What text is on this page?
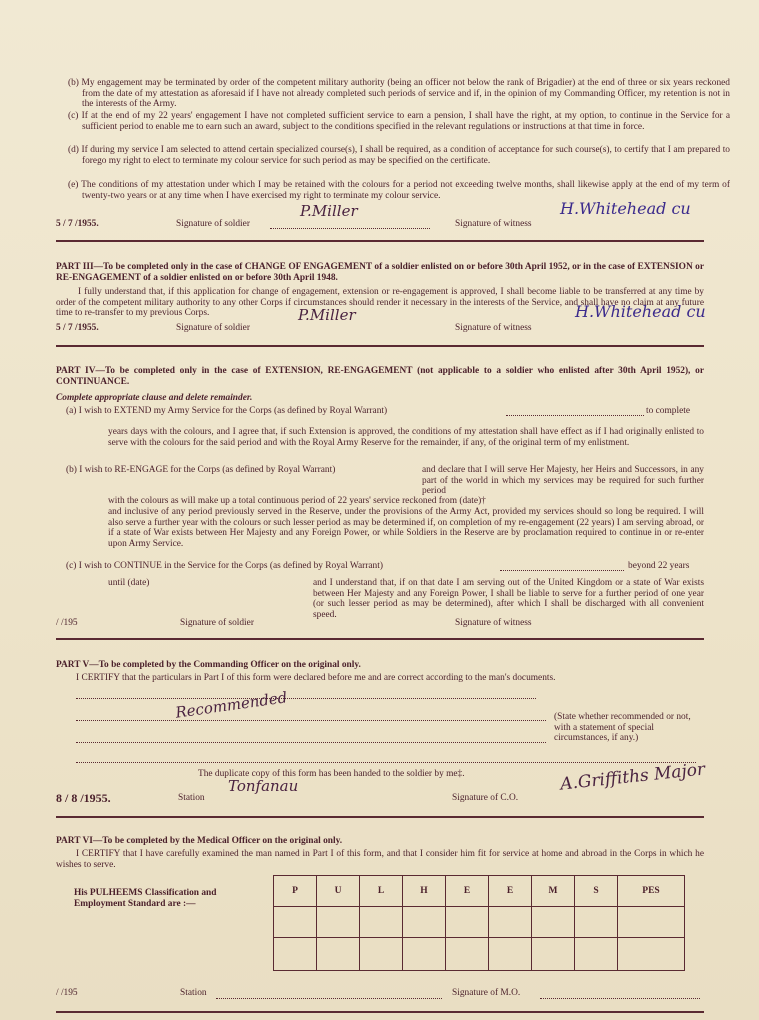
(b) My engagement may be terminated by order of the competent military authority (being an officer not below the rank of Brigadier) at the end of three or six years reckoned from the date of my attestation as aforesaid if I have not already completed such periods of service and if, in the opinion of my Commanding Officer, my retention is not in the interests of the Army.
(c) If at the end of my 22 years' engagement I have not completed sufficient service to earn a pension, I shall have the right, at my option, to continue in the Service for a sufficient period to enable me to earn such an award, subject to the conditions specified in the relevant regulations or instructions at that time in force.
(d) If during my service I am selected to attend certain specialized course(s), I shall be required, as a condition of acceptance for such course(s), to certify that I am prepared to forego my right to elect to terminate my colour service for such period as may be specified on the certificate.
(e) The conditions of my attestation under which I may be retained with the colours for a period not exceeding twelve months, shall likewise apply at the end of my term of twenty-two years or at any time when I have exercised my right to terminate my colour service.
5 / 7 /1955.	Signature of soldier
P.Miller
Signature of witness
H.Whitehead cu
PART III—To be completed only in the case of CHANGE OF ENGAGEMENT of a soldier enlisted on or before 30th April 1952, or in the case of EXTENSION or RE-ENGAGEMENT of a soldier enlisted on or before 30th April 1948.
I fully understand that, if this application for change of engagement, extension or re-engagement is approved, I shall become liable to be transferred at any time by order of the competent military authority to any other Corps if circumstances should render it necessary in the interests of the Service, and shall have no claim at any future time to re-transfer to my previous Corps.
5 / 7 /1955.	Signature of soldier
P.Miller
Signature of witness
H.Whitehead cu
PART IV—To be completed only in the case of EXTENSION, RE-ENGAGEMENT (not applicable to a soldier who enlisted after 30th April 1952), or CONTINUANCE.
Complete appropriate clause and delete remainder.
(a) I wish to EXTEND my Army Service for the Corps (as defined by Royal Warrant)	to complete
years days with the colours, and I agree that, if such Extension is approved, the conditions of my attestation shall have effect as if I had originally enlisted to serve with the colours for the said period and with the Royal Army Reserve for the remainder, if any, of the original term of my enlistment.
(b) I wish to RE-ENGAGE for the Corps (as defined by Royal Warrant)	and declare that I will serve Her Majesty, her Heirs and Successors, in any part of the world in which my services may be required for such further period
with the colours as will make up a total continuous period of 22 years' service reckoned from (date)†
and inclusive of any period previously served in the Reserve, under the provisions of the Army Act, provided my services should so long be required. I will also serve a further year with the colours or such lesser period as may be determined if, on completion of my re-engagement (22 years) I am serving abroad, or if a state of War exists between Her Majesty and any Foreign Power, or while Soldiers in the Reserve are by proclamation required to continue in or re-enter upon Army Service.
(c) I wish to CONTINUE in the Service for the Corps (as defined by Royal Warrant)	beyond 22 years
until (date)	and I understand that, if on that date I am serving out of the United Kingdom or a state of War exists between Her Majesty and any Foreign Power, I shall be liable to serve for a further period of one year (or such lesser period as may be determined), after which I shall be discharged with all convenient speed.
/ /195	Signature of soldier	Signature of witness
PART V—To be completed by the Commanding Officer on the original only.
I CERTIFY that the particulars in Part I of this form were declared before me and are correct according to the man's documents.
Recommended	(State whether recommended or not, with a statement of special circumstances, if any.)
The duplicate copy of this form has been handed to the soldier by me‡.
8 / 8 /1955.	Station
Tonfanau
Signature of C.O.
A.Griffiths Major
PART VI—To be completed by the Medical Officer on the original only.
I CERTIFY that I have carefully examined the man named in Part I of this form, and that I consider him fit for service at home and abroad in the Corps in which he wishes to serve.
His PULHEEMS Classification and Employment Standard are :—
P	U	L	H	E	E	M	S	PES

/ /195	Station	Signature of M.O.
